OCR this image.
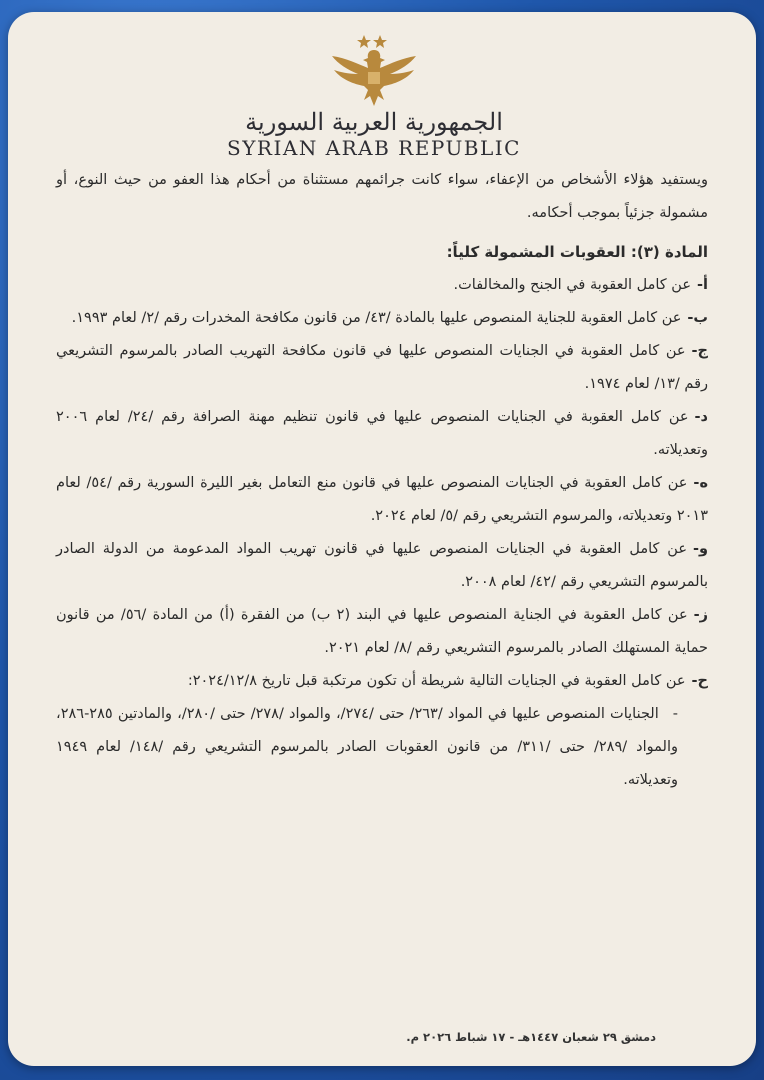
الجمهورية العربية السورية
SYRIAN ARAB REPUBLIC

ويستفيد هؤلاء الأشخاص من الإعفاء، سواء كانت جرائمهم مستثناة من أحكام هذا العفو من حيث النوع، أو مشمولة جزئياً بموجب أحكامه.

المادة (٣): العقوبات المشمولة كلياً:

أ-عن كامل العقوبة في الجنح والمخالفات.

ب-عن كامل العقوبة للجناية المنصوص عليها بالمادة /٤٣/ من قانون مكافحة المخدرات رقم /٢/ لعام ١٩٩٣.

ج-عن كامل العقوبة في الجنايات المنصوص عليها في قانون مكافحة التهريب الصادر بالمرسوم التشريعي رقم /١٣/ لعام ١٩٧٤.

د-عن كامل العقوبة في الجنايات المنصوص عليها في قانون تنظيم مهنة الصرافة رقم /٢٤/ لعام ٢٠٠٦ وتعديلاته.

ه-عن كامل العقوبة في الجنايات المنصوص عليها في قانون منع التعامل بغير الليرة السورية رقم /٥٤/ لعام ٢٠١٣ وتعديلاته، والمرسوم التشريعي رقم /٥/ لعام ٢٠٢٤.

و-عن كامل العقوبة في الجنايات المنصوص عليها في قانون تهريب المواد المدعومة من الدولة الصادر بالمرسوم التشريعي رقم /٤٢/ لعام ٢٠٠٨.

ز-عن كامل العقوبة في الجناية المنصوص عليها في البند (٢ ب) من الفقرة (أ) من المادة /٥٦/ من قانون حماية المستهلك الصادر بالمرسوم التشريعي رقم /٨/ لعام ٢٠٢١.

ح-عن كامل العقوبة في الجنايات التالية شريطة أن تكون مرتكبة قبل تاريخ ٢٠٢٤/١٢/٨:

-الجنايات المنصوص عليها في المواد /٢٦٣/ حتى /٢٧٤/، والمواد /٢٧٨/ حتى /٢٨٠/، والمادتين ٢٨٥-٢٨٦، والمواد /٢٨٩/ حتى /٣١١/ من قانون العقوبات الصادر بالمرسوم التشريعي رقم /١٤٨/ لعام ١٩٤٩ وتعديلاته.

دمشق ٢٩ شعبان ١٤٤٧هـ - ١٧ شباط ٢٠٢٦ م.
